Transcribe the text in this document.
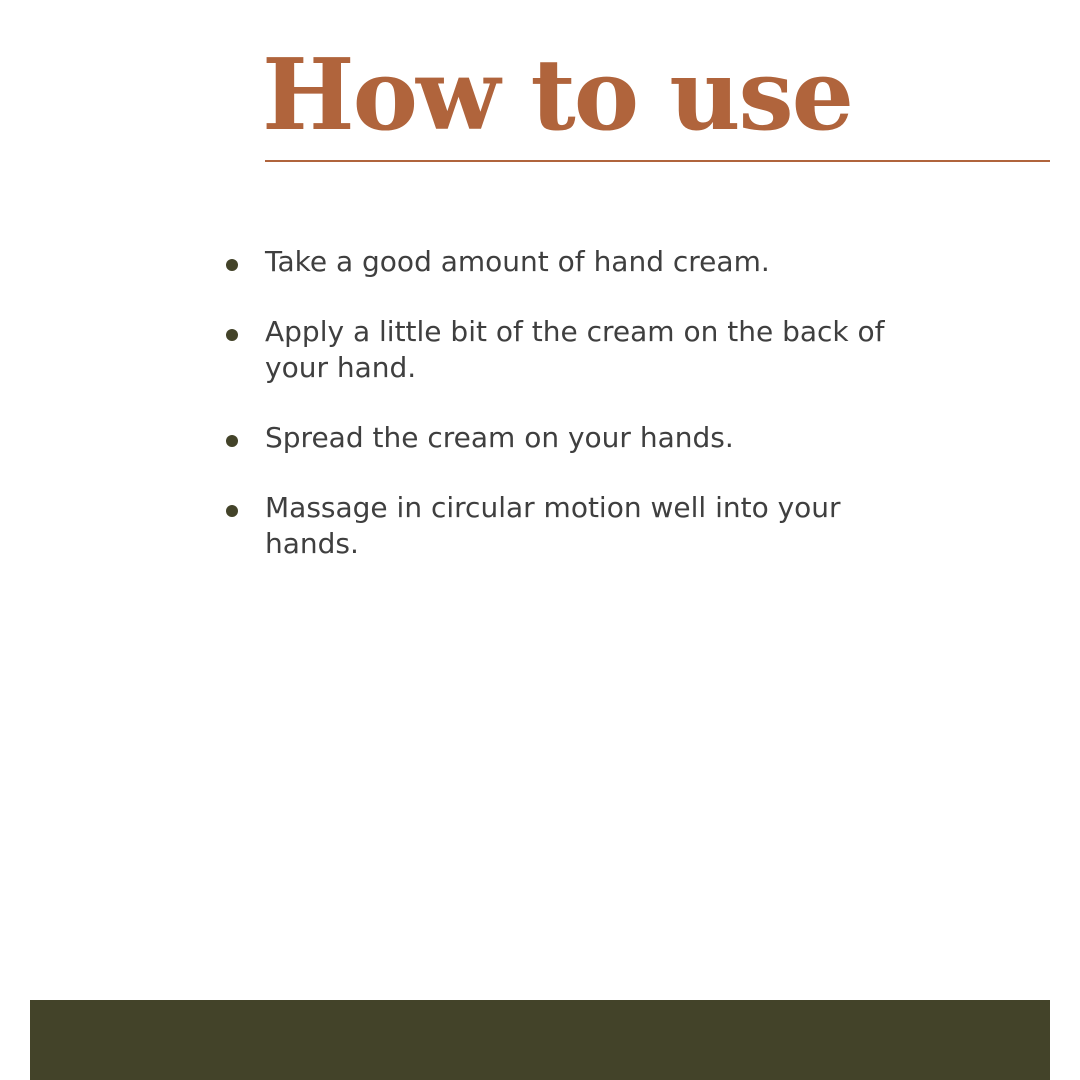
How to use
Take a good amount of hand cream.
Apply a little bit of the cream on the back of your hand.
Spread the cream on your hands.
Massage in circular motion well into your hands.
